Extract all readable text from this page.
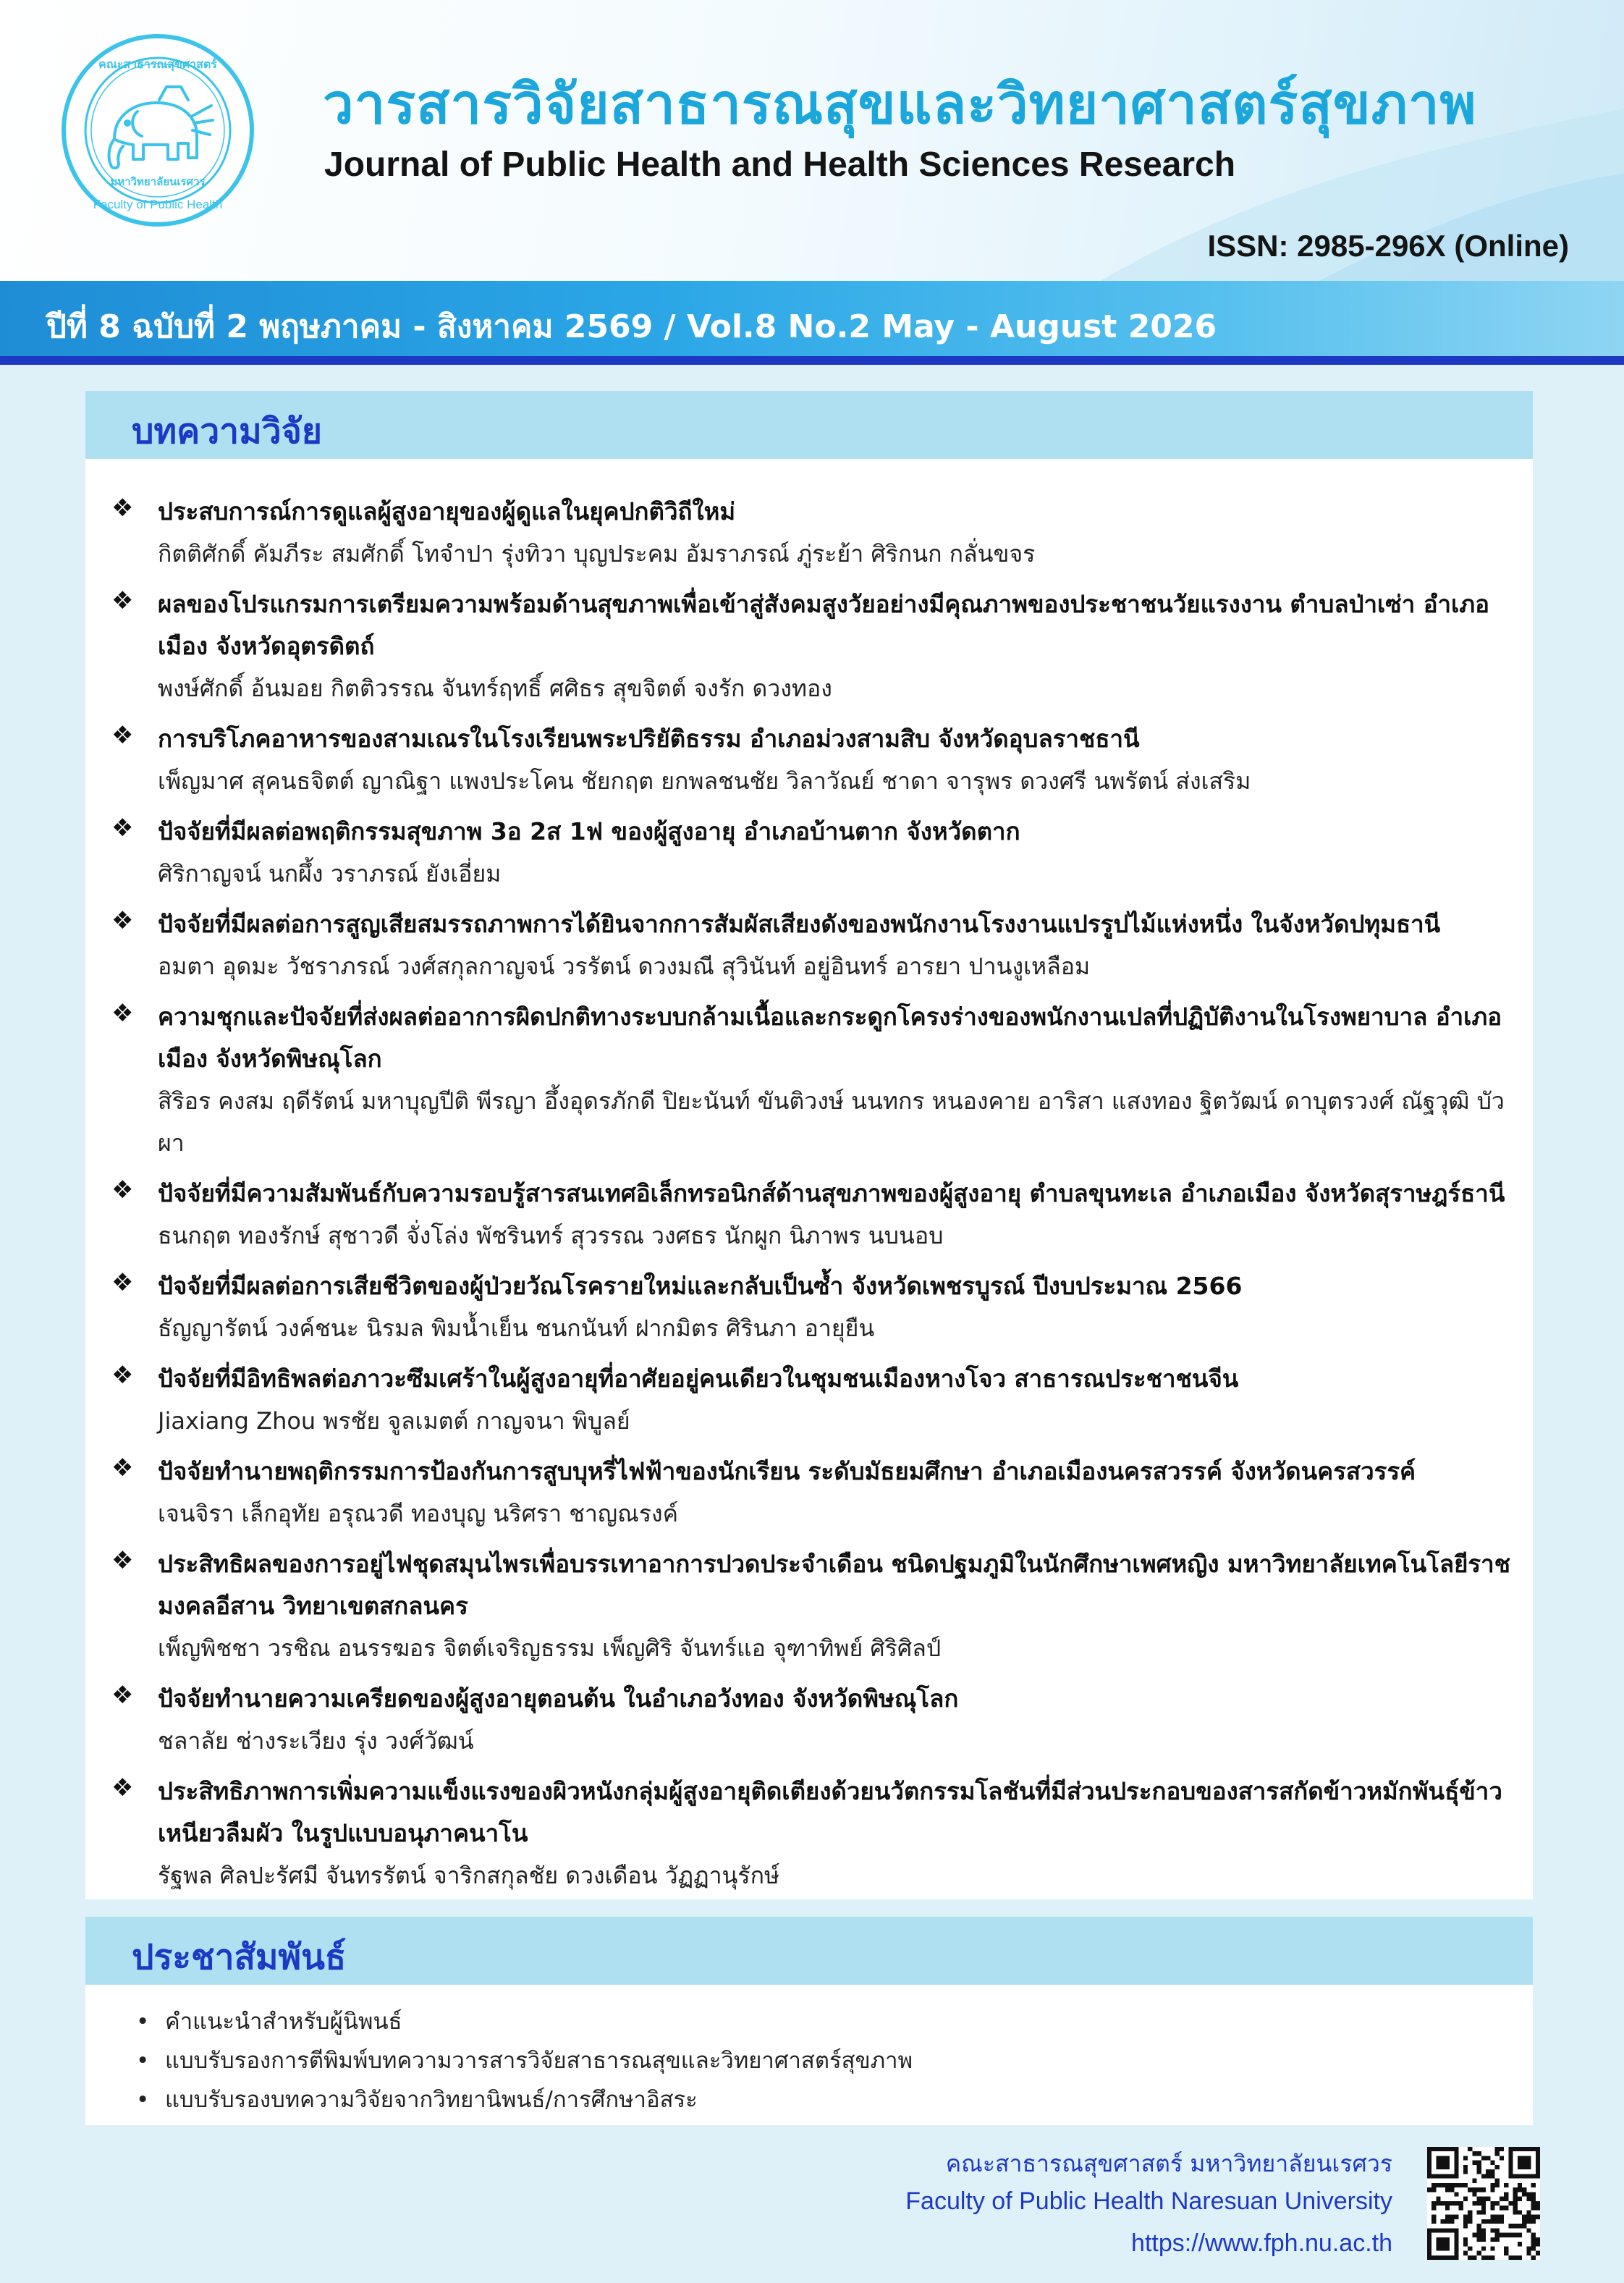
คณะสาธารณสุขศาสตร์
มหาวิทยาลัยนเรศวร
Faculty of Public Health
วารสารวิจัยสาธารณสุขและวิทยาศาสตร์สุขภาพ
Journal of Public Health and Health Sciences Research
ISSN: 2985-296X (Online)
ปีที่ 8 ฉบับที่ 2 พฤษภาคม - สิงหาคม 2569 / Vol.8 No.2 May - August 2026
บทความวิจัย
❖ ประสบการณ์การดูแลผู้สูงอายุของผู้ดูแลในยุคปกติวิถีใหม่
กิตติศักดิ์ คัมภีระ สมศักดิ์ โทจำปา รุ่งทิวา บุญประคม อัมราภรณ์ ภู่ระย้า ศิริกนก กลั่นขจร
❖ ผลของโปรแกรมการเตรียมความพร้อมด้านสุขภาพเพื่อเข้าสู่สังคมสูงวัยอย่างมีคุณภาพของประชาชนวัยแรงงาน ตำบลป่าเซ่า อำเภอเมือง จังหวัดอุตรดิตถ์
พงษ์ศักดิ์ อ้นมอย กิตติวรรณ จันทร์ฤทธิ์ ศศิธร สุขจิตต์ จงรัก ดวงทอง
❖ การบริโภคอาหารของสามเณรในโรงเรียนพระปริยัติธรรม อำเภอม่วงสามสิบ จังหวัดอุบลราชธานี
เพ็ญมาศ สุคนธจิตต์ ญาณิฐา แพงประโคน ชัยกฤต ยกพลชนชัย วิลาวัณย์ ชาดา จารุพร ดวงศรี นพรัตน์ ส่งเสริม
❖ ปัจจัยที่มีผลต่อพฤติกรรมสุขภาพ 3อ 2ส 1ฟ ของผู้สูงอายุ อำเภอบ้านตาก จังหวัดตาก
ศิริกาญจน์ นกผึ้ง วราภรณ์ ยังเอี่ยม
❖ ปัจจัยที่มีผลต่อการสูญเสียสมรรถภาพการได้ยินจากการสัมผัสเสียงดังของพนักงานโรงงานแปรรูปไม้แห่งหนึ่ง ในจังหวัดปทุมธานี
อมตา อุดมะ วัชราภรณ์ วงศ์สกุลกาญจน์ วรรัตน์ ดวงมณี สุวินันท์ อยู่อินทร์ อารยา ปานงูเหลือม
❖ ความชุกและปัจจัยที่ส่งผลต่ออาการผิดปกติทางระบบกล้ามเนื้อและกระดูกโครงร่างของพนักงานเปลที่ปฏิบัติงานในโรงพยาบาล อำเภอเมือง จังหวัดพิษณุโลก
สิริอร คงสม ฤดีรัตน์ มหาบุญปีติ พีรญา อึ้งอุดรภักดี ปิยะนันท์ ขันติวงษ์ นนทกร หนองคาย อาริสา แสงทอง ฐิตวัฒน์ ดาบุตรวงศ์ ณัฐวุฒิ บัวผา
❖ ปัจจัยที่มีความสัมพันธ์กับความรอบรู้สารสนเทศอิเล็กทรอนิกส์ด้านสุขภาพของผู้สูงอายุ ตำบลขุนทะเล อำเภอเมือง จังหวัดสุราษฎร์ธานี
ธนกฤต ทองรักษ์ สุชาวดี จั่งโล่ง พัชรินทร์ สุวรรณ วงศธร นักผูก นิภาพร นบนอบ
❖ ปัจจัยที่มีผลต่อการเสียชีวิตของผู้ป่วยวัณโรครายใหม่และกลับเป็นซ้ำ จังหวัดเพชรบูรณ์ ปีงบประมาณ 2566
ธัญญารัตน์ วงค์ชนะ นิรมล พิมน้ำเย็น ชนกนันท์ ฝากมิตร ศิรินภา อายุยืน
❖ ปัจจัยที่มีอิทธิพลต่อภาวะซึมเศร้าในผู้สูงอายุที่อาศัยอยู่คนเดียวในชุมชนเมืองหางโจว สาธารณประชาชนจีน
Jiaxiang Zhou พรชัย จูลเมตต์ กาญจนา พิบูลย์
❖ ปัจจัยทำนายพฤติกรรมการป้องกันการสูบบุหรี่ไฟฟ้าของนักเรียน ระดับมัธยมศึกษา อำเภอเมืองนครสวรรค์ จังหวัดนครสวรรค์
เจนจิรา เล็กอุทัย อรุณวดี ทองบุญ นริศรา ชาญณรงค์
❖ ประสิทธิผลของการอยู่ไฟชุดสมุนไพรเพื่อบรรเทาอาการปวดประจำเดือน ชนิดปฐมภูมิในนักศึกษาเพศหญิง มหาวิทยาลัยเทคโนโลยีราชมงคลอีสาน วิทยาเขตสกลนคร
เพ็ญพิชชา วรชิณ อนรรฆอร จิตต์เจริญธรรม เพ็ญศิริ จันทร์แอ จุฑาทิพย์ ศิริศิลป์
❖ ปัจจัยทำนายความเครียดของผู้สูงอายุตอนต้น ในอำเภอวังทอง จังหวัดพิษณุโลก
ชลาลัย ช่างระเวียง รุ่ง วงศ์วัฒน์
❖ ประสิทธิภาพการเพิ่มความแข็งแรงของผิวหนังกลุ่มผู้สูงอายุติดเตียงด้วยนวัตกรรมโลชันที่มีส่วนประกอบของสารสกัดข้าวหมักพันธุ์ข้าวเหนียวลืมผัว ในรูปแบบอนุภาคนาโน
รัฐพล ศิลปะรัศมี จันทรรัตน์ จาริกสกุลชัย ดวงเดือน วัฏฏานุรักษ์
ประชาสัมพันธ์
• คำแนะนำสำหรับผู้นิพนธ์
• แบบรับรองการตีพิมพ์บทความวารสารวิจัยสาธารณสุขและวิทยาศาสตร์สุขภาพ
• แบบรับรองบทความวิจัยจากวิทยานิพนธ์/การศึกษาอิสระ
คณะสาธารณสุขศาสตร์ มหาวิทยาลัยนเรศวร
Faculty of Public Health Naresuan University
https://www.fph.nu.ac.th
